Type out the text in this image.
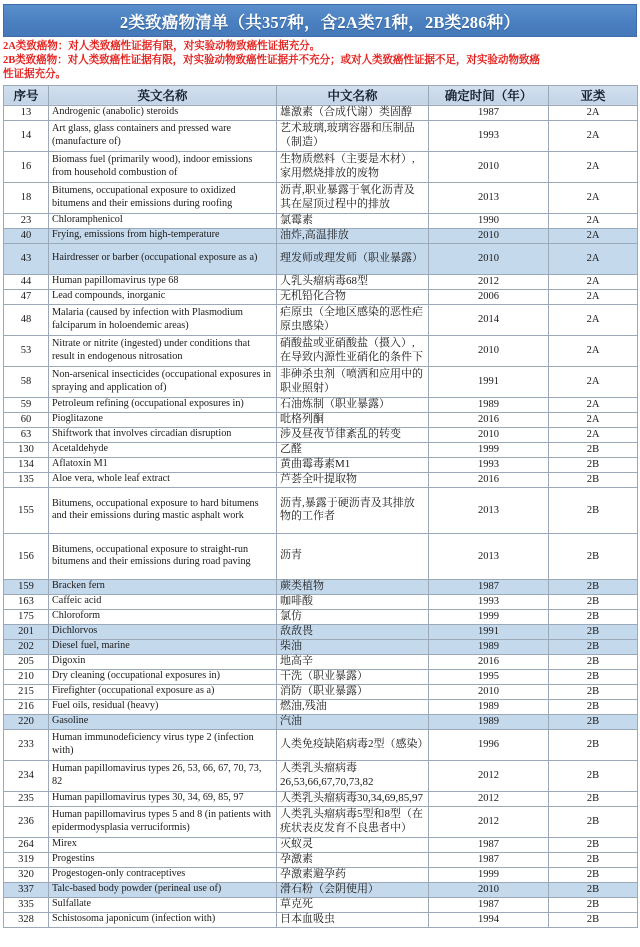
2类致癌物清单（共357种，含2A类71种，2B类286种）
2A类致癌物：对人类致癌性证据有限，对实验动物致癌性证据充分。
2B类致癌物：对人类致癌性证据有限，对实验动物致癌性证据并不充分；或对人类致癌性证据不足，对实验动物致癌
性证据充分。
序号	英文名称	中文名称	确定时间（年）	亚类
13	Androgenic (anabolic) steroids	雄激素（合成代谢）类固醇	1987	2A
14	Art glass, glass containers and pressed ware (manufacture of)	艺术玻璃,玻璃容器和压制品（制造）	1993	2A
16	Biomass fuel (primarily wood), indoor emissions from household combustion of	生物质燃料（主要是木材）,家用燃烧排放的废物	2010	2A
18	Bitumens, occupational exposure to oxidized bitumens and their emissions during roofing	沥青,职业暴露于氧化沥青及其在屋顶过程中的排放	2013	2A
23	Chloramphenicol	氯霉素	1990	2A
40	Frying, emissions from high-temperature	油炸,高温排放	2010	2A
43	Hairdresser or barber (occupational exposure as a)	理发师或理发师（职业暴露）	2010	2A
44	Human papillomavirus type 68	人乳头瘤病毒68型	2012	2A
47	Lead compounds, inorganic	无机铅化合物	2006	2A
48	Malaria (caused by infection with Plasmodium falciparum in holoendemic areas)	疟原虫（全地区感染的恶性疟原虫感染）	2014	2A
53	Nitrate or nitrite (ingested) under conditions that result in endogenous nitrosation	硝酸盐或亚硝酸盐（摄入）,在导致内源性亚硝化的条件下	2010	2A
58	Non-arsenical insecticides (occupational exposures in spraying and application of)	非砷杀虫剂（喷洒和应用中的职业照射）	1991	2A
59	Petroleum refining (occupational exposures in)	石油炼制（职业暴露）	1989	2A
60	Pioglitazone	吡格列酮	2016	2A
63	Shiftwork that involves circadian disruption	涉及昼夜节律紊乱的转变	2010	2A
130	Acetaldehyde	乙醛	1999	2B
134	Aflatoxin M1	黄曲霉毒素M1	1993	2B
135	Aloe vera, whole leaf extract	芦荟全叶提取物	2016	2B
155	Bitumens, occupational exposure to hard bitumens and their emissions during mastic asphalt work	沥青,暴露于硬沥青及其排放物的工作者	2013	2B
156	Bitumens, occupational exposure to straight-run bitumens and their emissions during road paving	沥青	2013	2B
159	Bracken fern	蕨类植物	1987	2B
163	Caffeic acid	咖啡酸	1993	2B
175	Chloroform	氯仿	1999	2B
201	Dichlorvos	敌敌畏	1991	2B
202	Diesel fuel, marine	柴油	1989	2B
205	Digoxin	地高辛	2016	2B
210	Dry cleaning (occupational exposures in)	干洗（职业暴露）	1995	2B
215	Firefighter (occupational exposure as a)	消防（职业暴露）	2010	2B
216	Fuel oils, residual (heavy)	燃油,残油	1989	2B
220	Gasoline	汽油	1989	2B
233	Human immunodeficiency virus type 2 (infection with)	人类免疫缺陷病毒2型（感染）	1996	2B
234	Human papillomavirus types 26, 53, 66, 67, 70, 73, 82	人类乳头瘤病毒26,53,66,67,70,73,82	2012	2B
235	Human papillomavirus types 30, 34, 69, 85, 97	人类乳头瘤病毒30,34,69,85,97	2012	2B
236	Human papillomavirus types 5 and 8 (in patients with epidermodysplasia verruciformis)	人类乳头瘤病毒5型和8型（在疣状表皮发育不良患者中）	2012	2B
264	Mirex	灭蚁灵	1987	2B
319	Progestins	孕激素	1987	2B
320	Progestogen-only contraceptives	孕激素避孕药	1999	2B
337	Talc-based body powder (perineal use of)	滑石粉（会阴使用）	2010	2B
335	Sulfallate	草克死	1987	2B
328	Schistosoma japonicum (infection with)	日本血吸虫	1994	2B
